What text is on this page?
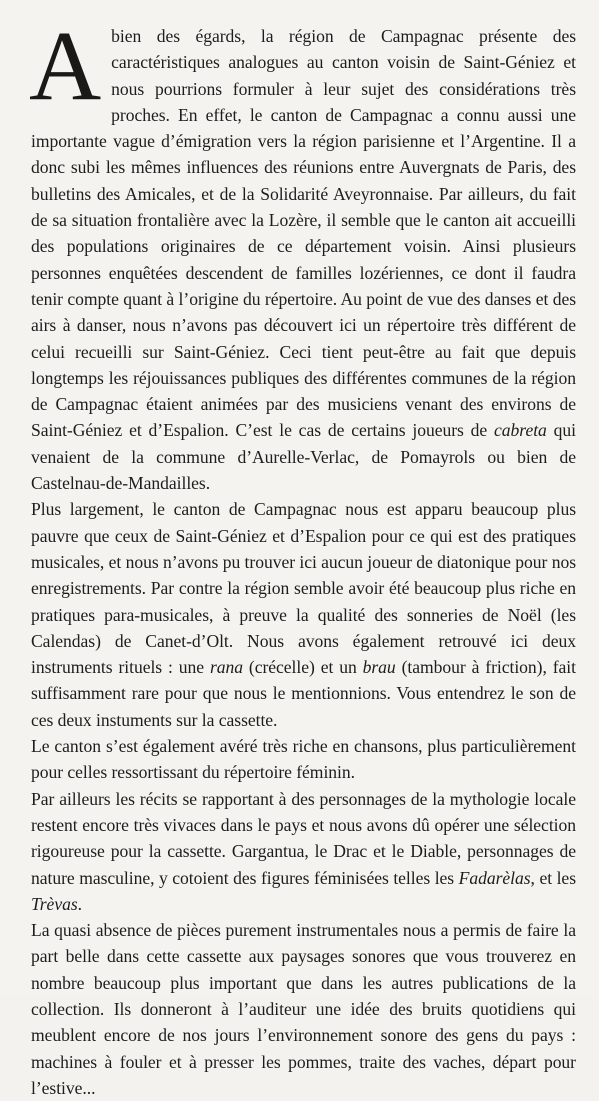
A bien des égards, la région de Campagnac présente des caractéristiques analogues au canton voisin de Saint-Géniez et nous pourrions formuler à leur sujet des considérations très proches. En effet, le canton de Campagnac a connu aussi une importante vague d’émigration vers la région parisienne et l’Argentine. Il a donc subi les mêmes influences des réunions entre Auvergnats de Paris, des bulletins des Amicales, et de la Solidarité Aveyronnaise. Par ailleurs, du fait de sa situation frontalière avec la Lozère, il semble que le canton ait accueilli des populations originaires de ce département voisin. Ainsi plusieurs personnes enquêtées descendent de familles lozériennes, ce dont il faudra tenir compte quant à l’origine du répertoire. Au point de vue des danses et des airs à danser, nous n’avons pas découvert ici un répertoire très différent de celui recueilli sur Saint-Géniez. Ceci tient peut-être au fait que depuis longtemps les réjouissances publiques des différentes communes de la région de Campagnac étaient animées par des musiciens venant des environs de Saint-Géniez et d’Espalion. C’est le cas de certains joueurs de cabreta qui venaient de la commune d’Aurelle-Verlac, de Pomayrols ou bien de Castelnau-de-Mandailles.

Plus largement, le canton de Campagnac nous est apparu beaucoup plus pauvre que ceux de Saint-Géniez et d’Espalion pour ce qui est des pratiques musicales, et nous n’avons pu trouver ici aucun joueur de diatonique pour nos enregistrements. Par contre la région semble avoir été beaucoup plus riche en pratiques para-musicales, à preuve la qualité des sonneries de Noël (les Calendas) de Canet-d’Olt. Nous avons également retrouvé ici deux instruments rituels : une rana (crécelle) et un brau (tambour à friction), fait suffisamment rare pour que nous le mentionnions. Vous entendrez le son de ces deux instuments sur la cassette.

Le canton s’est également avéré très riche en chansons, plus particulièrement pour celles ressortissant du répertoire féminin.

Par ailleurs les récits se rapportant à des personnages de la mythologie locale restent encore très vivaces dans le pays et nous avons dû opérer une sélection rigoureuse pour la cassette. Gargantua, le Drac et le Diable, personnages de nature masculine, y cotoient des figures féminisées telles les Fadarèlas, et les Trèvas.

La quasi absence de pièces purement instrumentales nous a permis de faire la part belle dans cette cassette aux paysages sonores que vous trouverez en nombre beaucoup plus important que dans les autres publications de la collection. Ils donneront à l’auditeur une idée des bruits quotidiens qui meublent encore de nos jours l’environnement sonore des gens du pays : machines à fouler et à presser les pommes, traite des vaches, départ pour l’estive...
